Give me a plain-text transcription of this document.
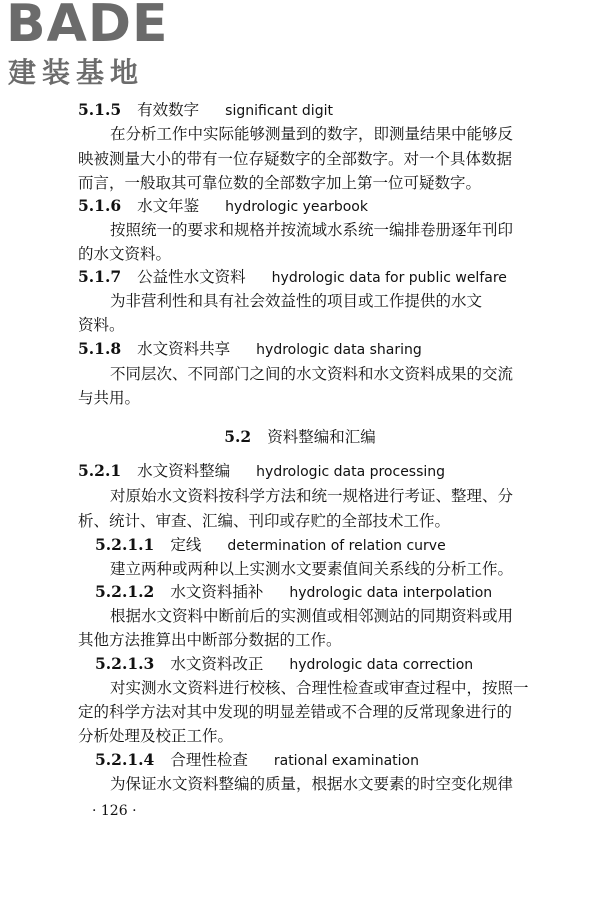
BADE
建装基地
5.1.5 有效数字 significant digit
在分析工作中实际能够测量到的数字，即测量结果中能够反
映被测量大小的带有一位存疑数字的全部数字。对一个具体数据
而言，一般取其可靠位数的全部数字加上第一位可疑数字。
5.1.6 水文年鉴 hydrologic yearbook
按照统一的要求和规格并按流域水系统一编排卷册逐年刊印
的水文资料。
5.1.7 公益性水文资料 hydrologic data for public welfare
为非营利性和具有社会效益性的项目或工作提供的水文
资料。
5.1.8 水文资料共享 hydrologic data sharing
不同层次、不同部门之间的水文资料和水文资料成果的交流
与共用。
5.2 资料整编和汇编
5.2.1 水文资料整编 hydrologic data processing
对原始水文资料按科学方法和统一规格进行考证、整理、分
析、统计、审查、汇编、刊印或存贮的全部技术工作。
5.2.1.1 定线 determination of relation curve
建立两种或两种以上实测水文要素值间关系线的分析工作。
5.2.1.2 水文资料插补 hydrologic data interpolation
根据水文资料中断前后的实测值或相邻测站的同期资料或用
其他方法推算出中断部分数据的工作。
5.2.1.3 水文资料改正 hydrologic data correction
对实测水文资料进行校核、合理性检查或审查过程中，按照一
定的科学方法对其中发现的明显差错或不合理的反常现象进行的
分析处理及校正工作。
5.2.1.4 合理性检查 rational examination
为保证水文资料整编的质量，根据水文要素的时空变化规律
· 126 ·
